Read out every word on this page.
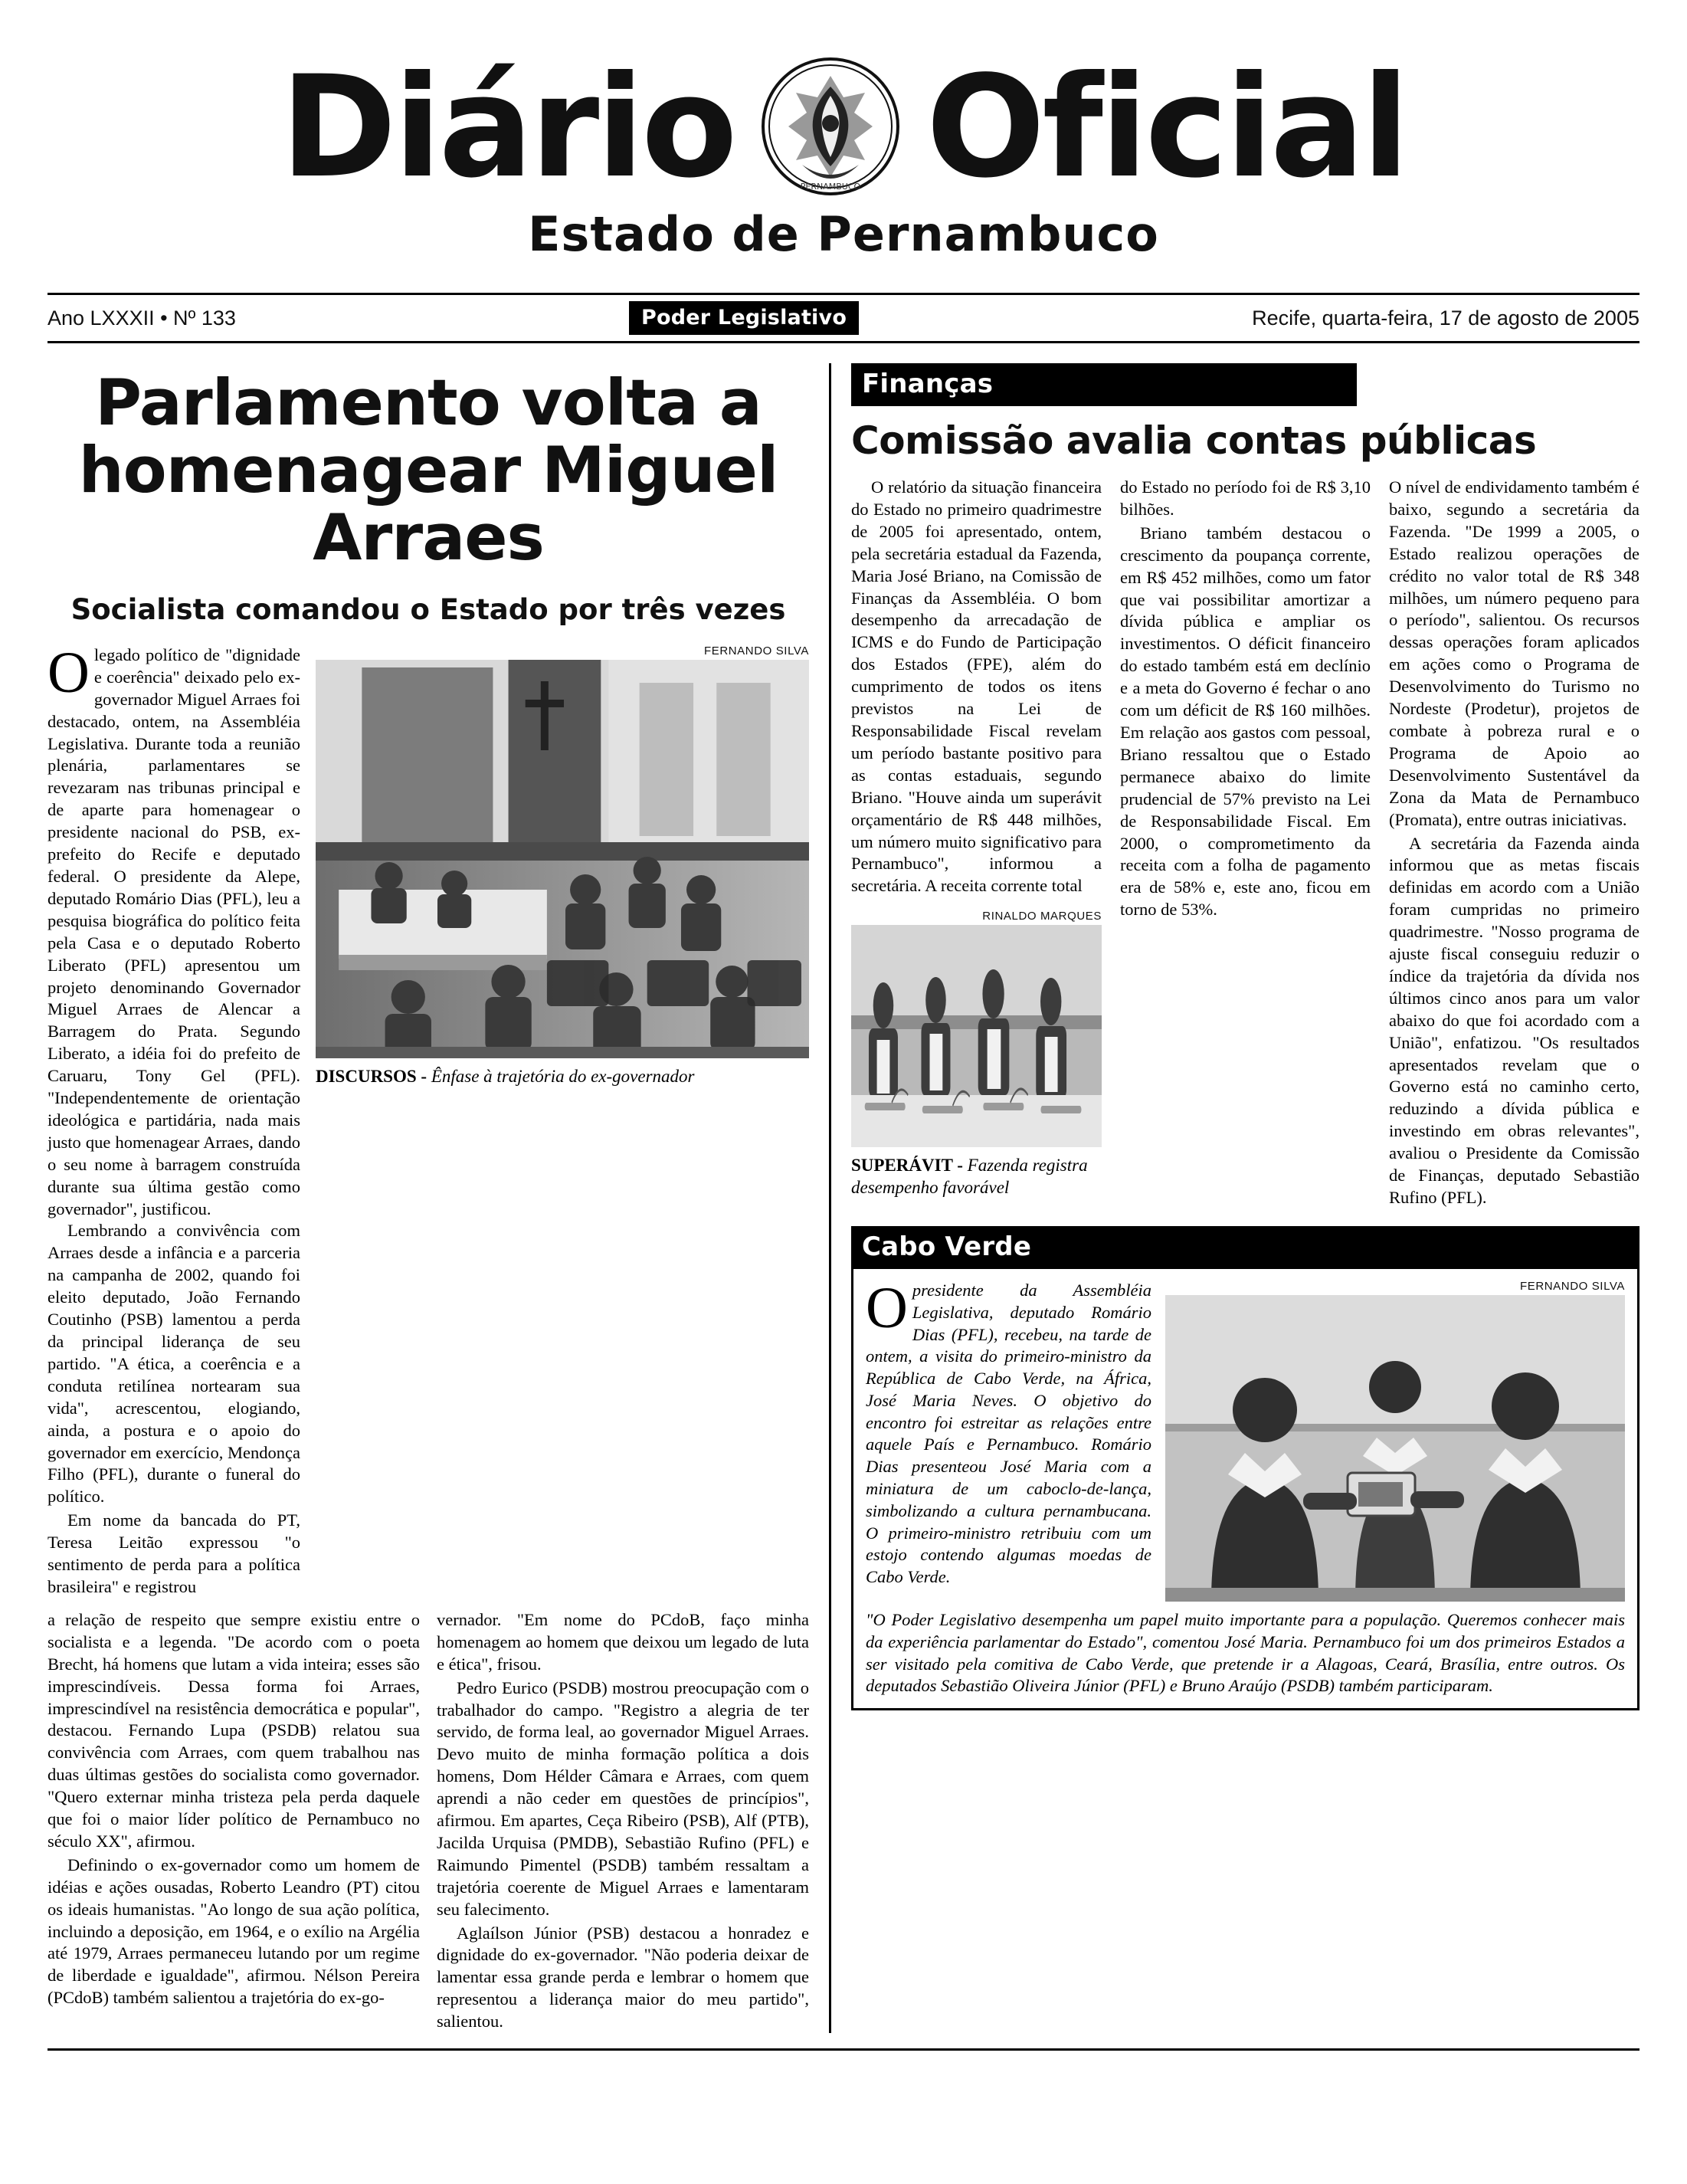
Diário	PERNAMBUCO Oficial
Estado de Pernambuco
Ano LXXXII • Nº 133	Poder Legislativo	Recife, quarta-feira, 17 de agosto de 2005
Parlamento volta a homenagear Miguel Arraes
Socialista comandou o Estado por três vezes

Olegado político de "dignidade e coerência" deixado pelo ex-governador Miguel Arraes foi destacado, ontem, na Assembléia Legislativa. Durante toda a reunião plenária, parlamentares se revezaram nas tribunas principal e de aparte para homenagear o presidente nacional do PSB, ex-prefeito do Recife e deputado federal. O presidente da Alepe, deputado Romário Dias (PFL), leu a pesquisa biográfica do político feita pela Casa e o deputado Roberto Liberato (PFL) apresentou um projeto denominando Governador Miguel Arraes de Alencar a Barragem do Prata. Segundo Liberato, a idéia foi do prefeito de Caruaru, Tony Gel (PFL). "Independentemente de orientação ideológica e partidária, nada mais justo que homenagear Arraes, dando o seu nome à barragem construída durante sua última gestão como governador", justificou.

Lembrando a convivência com Arraes desde a infância e a parceria na campanha de 2002, quando foi eleito deputado, João Fernando Coutinho (PSB) lamentou a perda da principal liderança de seu partido. "A ética, a coerência e a conduta retilínea nortearam sua vida", acrescentou, elogiando, ainda, a postura e o apoio do governador em exercício, Mendonça Filho (PFL), durante o funeral do político.

Em nome da bancada do PT, Teresa Leitão expressou "o sentimento de perda para a política brasileira" e registrou

FERNANDO SILVA
DISCURSOS - Ênfase à trajetória do ex-governador

a relação de respeito que sempre existiu entre o socialista e a legenda. "De acordo com o poeta Brecht, há homens que lutam a vida inteira; esses são imprescindíveis. Dessa forma foi Arraes, imprescindível na resistência democrática e popular", destacou. Fernando Lupa (PSDB) relatou sua convivência com Arraes, com quem trabalhou nas duas últimas gestões do socialista como governador. "Quero externar minha tristeza pela perda daquele que foi o maior líder político de Pernambuco no século XX", afirmou.

Definindo o ex-governador como um homem de idéias e ações ousadas, Roberto Leandro (PT) citou os ideais humanistas. "Ao longo de sua ação política, incluindo a deposição, em 1964, e o exílio na Argélia até 1979, Arraes permaneceu lutando por um regime de liberdade e igualdade", afirmou. Nélson Pereira (PCdoB) também salientou a trajetória do ex-go-

vernador. "Em nome do PCdoB, faço minha homenagem ao homem que deixou um legado de luta e ética", frisou.

Pedro Eurico (PSDB) mostrou preocupação com o trabalhador do campo. "Registro a alegria de ter servido, de forma leal, ao governador Miguel Arraes. Devo muito de minha formação política a dois homens, Dom Hélder Câmara e Arraes, com quem aprendi a não ceder em questões de princípios", afirmou. Em apartes, Ceça Ribeiro (PSB), Alf (PTB), Jacilda Urquisa (PMDB), Sebastião Rufino (PFL) e Raimundo Pimentel (PSDB) também ressaltam a trajetória coerente de Miguel Arraes e lamentaram seu falecimento.

Aglaílson Júnior (PSB) destacou a honradez e dignidade do ex-governador. "Não poderia deixar de lamentar essa grande perda e lembrar o homem que representou a liderança maior do meu partido", salientou.

Finanças
Comissão avalia contas públicas

O relatório da situação financeira do Estado no primeiro quadrimestre de 2005 foi apresentado, ontem, pela secretária estadual da Fazenda, Maria José Briano, na Comissão de Finanças da Assembléia. O bom desempenho da arrecadação de ICMS e do Fundo de Participação dos Estados (FPE), além do cumprimento de todos os itens previstos na Lei de Responsabilidade Fiscal revelam um período bastante positivo para as contas estaduais, segundo Briano. "Houve ainda um superávit orçamentário de R$ 448 milhões, um número muito significativo para Pernambuco", informou a secretária. A receita corrente total

RINALDO MARQUES
SUPERÁVIT - Fazenda registra desempenho favorável

do Estado no período foi de R$ 3,10 bilhões.

Briano também destacou o crescimento da poupança corrente, em R$ 452 milhões, como um fator que vai possibilitar amortizar a dívida pública e ampliar os investimentos. O déficit financeiro do estado também está em declínio e a meta do Governo é fechar o ano com um déficit de R$ 160 milhões. Em relação aos gastos com pessoal, Briano ressaltou que o Estado permanece abaixo do limite prudencial de 57% previsto na Lei de Responsabilidade Fiscal. Em 2000, o comprometimento da receita com a folha de pagamento era de 58% e, este ano, ficou em torno de 53%.

O nível de endividamento também é baixo, segundo a secretária da Fazenda. "De 1999 a 2005, o Estado realizou operações de crédito no valor total de R$ 348 milhões, um número pequeno para o período", salientou. Os recursos dessas operações foram aplicados em ações como o Programa de Desenvolvimento do Turismo no Nordeste (Prodetur), projetos de combate à pobreza rural e o Programa de Apoio ao Desenvolvimento Sustentável da Zona da Mata de Pernambuco (Promata), entre outras iniciativas.

A secretária da Fazenda ainda informou que as metas fiscais definidas em acordo com a União foram cumpridas no primeiro quadrimestre. "Nosso programa de ajuste fiscal conseguiu reduzir o índice da trajetória da dívida nos últimos cinco anos para um valor abaixo do que foi acordado com a União", enfatizou. "Os resultados apresentados revelam que o Governo está no caminho certo, reduzindo a dívida pública e investindo em obras relevantes", avaliou o Presidente da Comissão de Finanças, deputado Sebastião Rufino (PFL).

Cabo Verde
Opresidente da Assembléia Legislativa, deputado Romário Dias (PFL), recebeu, na tarde de ontem, a visita do primeiro-ministro da República de Cabo Verde, na África, José Maria Neves. O objetivo do encontro foi estreitar as relações entre aquele País e Pernambuco. Romário Dias presenteou José Maria com a miniatura de um caboclo-de-lança, simbolizando a cultura pernambucana. O primeiro-ministro retribuiu com um estojo contendo algumas moedas de Cabo Verde.
FERNANDO SILVA
"O Poder Legislativo desempenha um papel muito importante para a população. Queremos conhecer mais da experiência parlamentar do Estado", comentou José Maria. Pernambuco foi um dos primeiros Estados a ser visitado pela comitiva de Cabo Verde, que pretende ir a Alagoas, Ceará, Brasília, entre outros. Os deputados Sebastião Oliveira Júnior (PFL) e Bruno Araújo (PSDB) também participaram.
